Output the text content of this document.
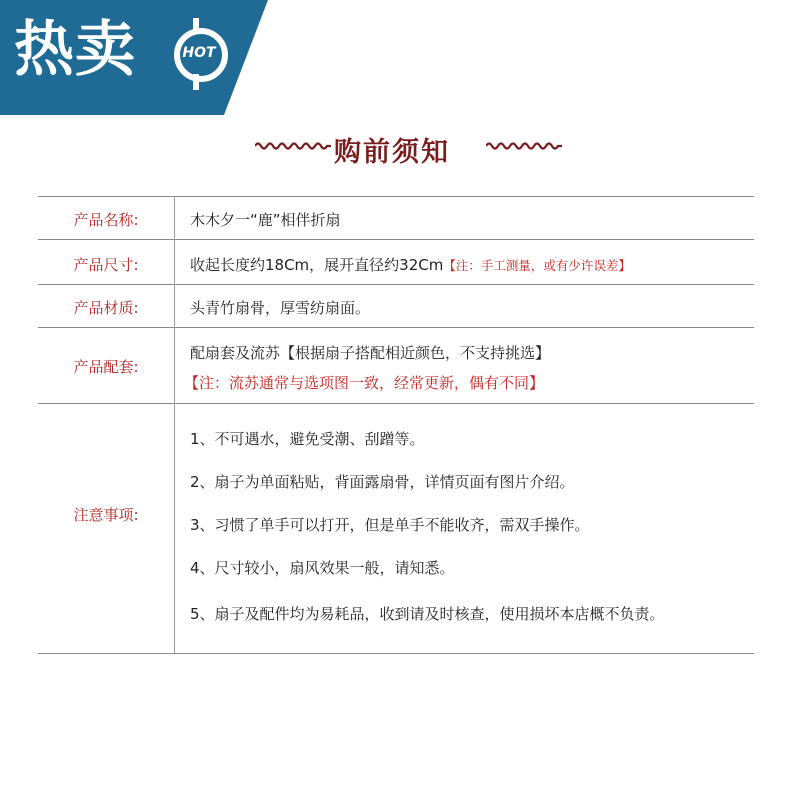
热卖	HOT
购前须知
产品名称:	木木夕一“鹿”相伴折扇
产品尺寸:	收起长度约18Cm，展开直径约32Cm【注：手工测量，或有少许误差】
产品材质:	头青竹扇骨，厚雪纺扇面。
产品配套:
配扇套及流苏【根据扇子搭配相近颜色，不支持挑选】
【注：流苏通常与选项图一致，经常更新，偶有不同】
注意事项:
1、不可遇水，避免受潮、刮蹭等。
2、扇子为单面粘贴，背面露扇骨，详情页面有图片介绍。
3、习惯了单手可以打开，但是单手不能收齐，需双手操作。
4、尺寸较小，扇风效果一般，请知悉。
5、扇子及配件均为易耗品，收到请及时核查，使用损坏本店概不负责。
